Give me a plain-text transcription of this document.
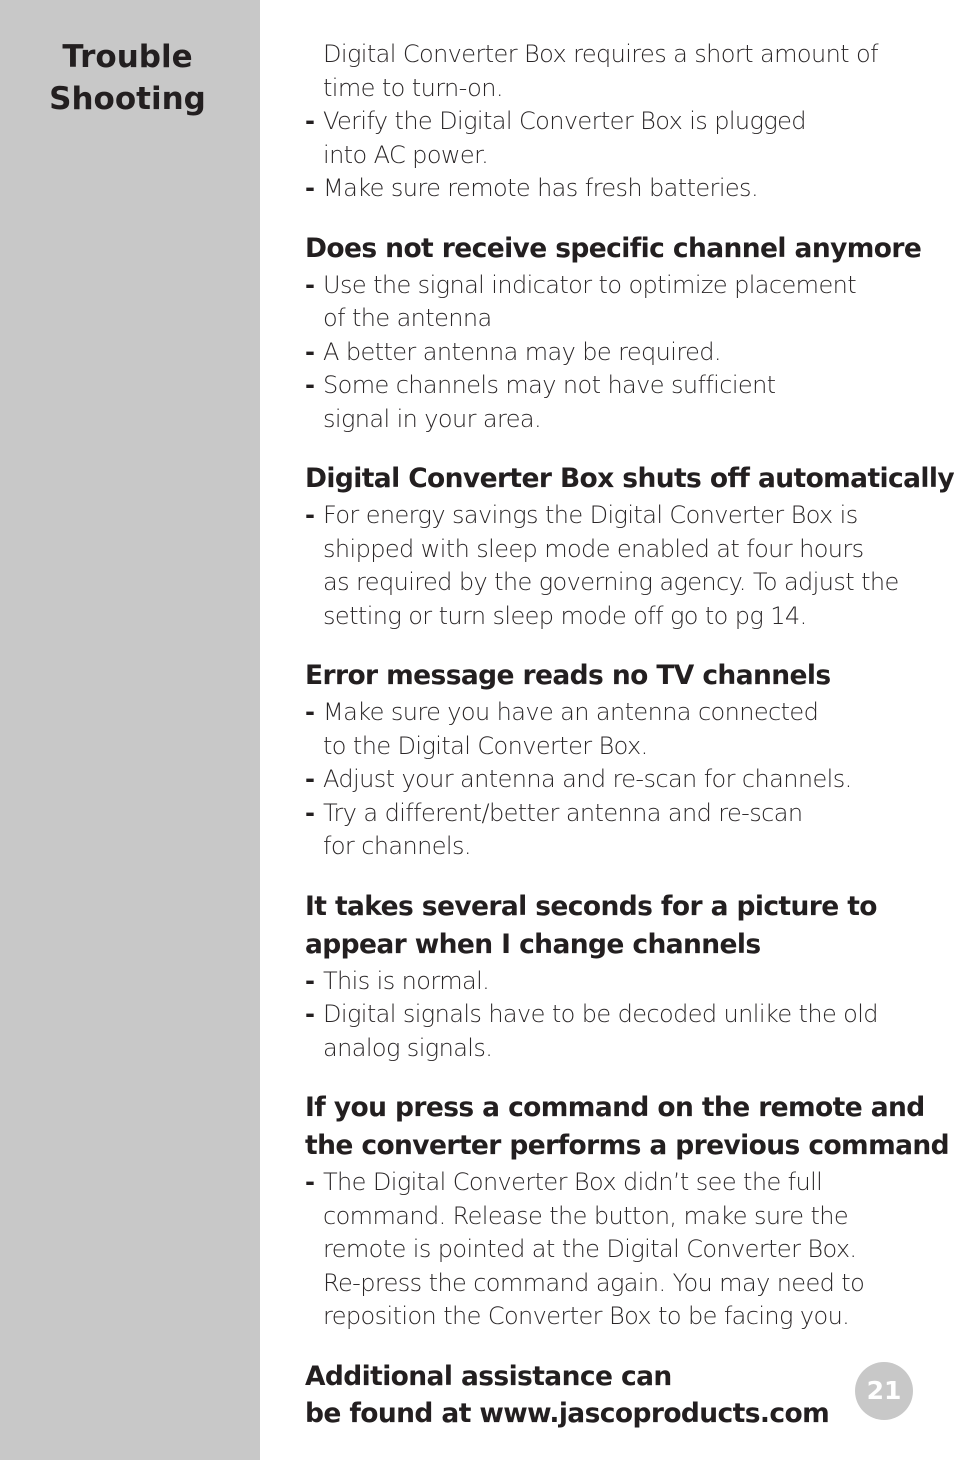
Trouble
Shooting
Digital Converter Box requires a short amount of
time to turn-on.
- Verify the Digital Converter Box is plugged
into AC power.
- Make sure remote has fresh batteries.
Does not receive specific channel anymore
- Use the signal indicator to optimize placement
of the antenna
- A better antenna may be required.
- Some channels may not have sufficient
signal in your area.
Digital Converter Box shuts off automatically
- For energy savings the Digital Converter Box is
shipped with sleep mode enabled at four hours
as required by the governing agency. To adjust the
setting or turn sleep mode off go to pg 14.
Error message reads no TV channels
- Make sure you have an antenna connected
to the Digital Converter Box.
- Adjust your antenna and re-scan for channels.
- Try a different/better antenna and re-scan
for channels.
It takes several seconds for a picture to
appear when I change channels
- This is normal.
- Digital signals have to be decoded unlike the old
analog signals.
If you press a command on the remote and
the converter performs a previous command
- The Digital Converter Box didn’t see the full
command. Release the button, make sure the
remote is pointed at the Digital Converter Box.
Re-press the command again. You may need to
reposition the Converter Box to be facing you.
Additional assistance can
be found at www.jascoproducts.com
21
